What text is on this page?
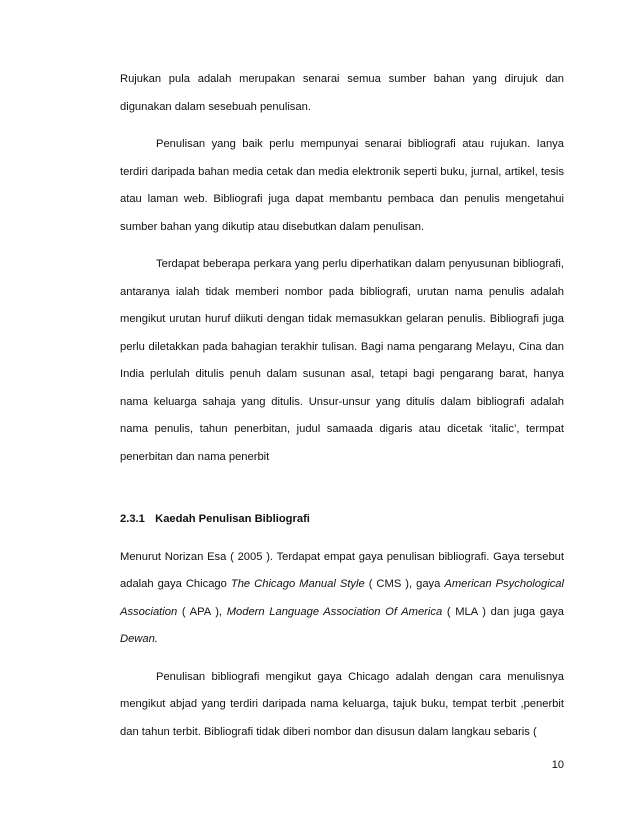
Rujukan pula adalah merupakan senarai semua sumber bahan yang dirujuk dan digunakan dalam sesebuah penulisan.

Penulisan yang baik perlu mempunyai senarai bibliografi atau rujukan. Ianya terdiri daripada bahan media cetak dan media elektronik seperti buku, jurnal, artikel, tesis atau laman web. Bibliografi juga dapat membantu pembaca dan penulis mengetahui sumber bahan yang dikutip atau disebutkan dalam penulisan.

Terdapat beberapa perkara yang perlu diperhatikan dalam penyusunan bibliografi, antaranya ialah tidak memberi nombor pada bibliografi, urutan nama penulis adalah mengikut urutan huruf diikuti dengan tidak memasukkan gelaran penulis. Bibliografi juga perlu diletakkan pada bahagian terakhir tulisan. Bagi nama pengarang Melayu, Cina dan India perlulah ditulis penuh dalam susunan asal, tetapi bagi pengarang barat, hanya nama keluarga sahaja yang ditulis. Unsur-unsur yang ditulis dalam bibliografi adalah nama penulis, tahun penerbitan, judul samaada digaris atau dicetak ‘italic’, termpat penerbitan dan nama penerbit

2.3.1 Kaedah Penulisan Bibliografi

Menurut Norizan Esa ( 2005 ). Terdapat empat gaya penulisan bibliografi. Gaya tersebut adalah gaya Chicago The Chicago Manual Style ( CMS ), gaya American Psychological Association ( APA ), Modern Language Association Of America ( MLA ) dan juga gaya Dewan.

Penulisan bibliografi mengikut gaya Chicago adalah dengan cara menulisnya mengikut abjad yang terdiri daripada nama keluarga, tajuk buku, tempat terbit ,penerbit dan tahun terbit. Bibliografi tidak diberi nombor dan disusun dalam langkau sebaris (

10
